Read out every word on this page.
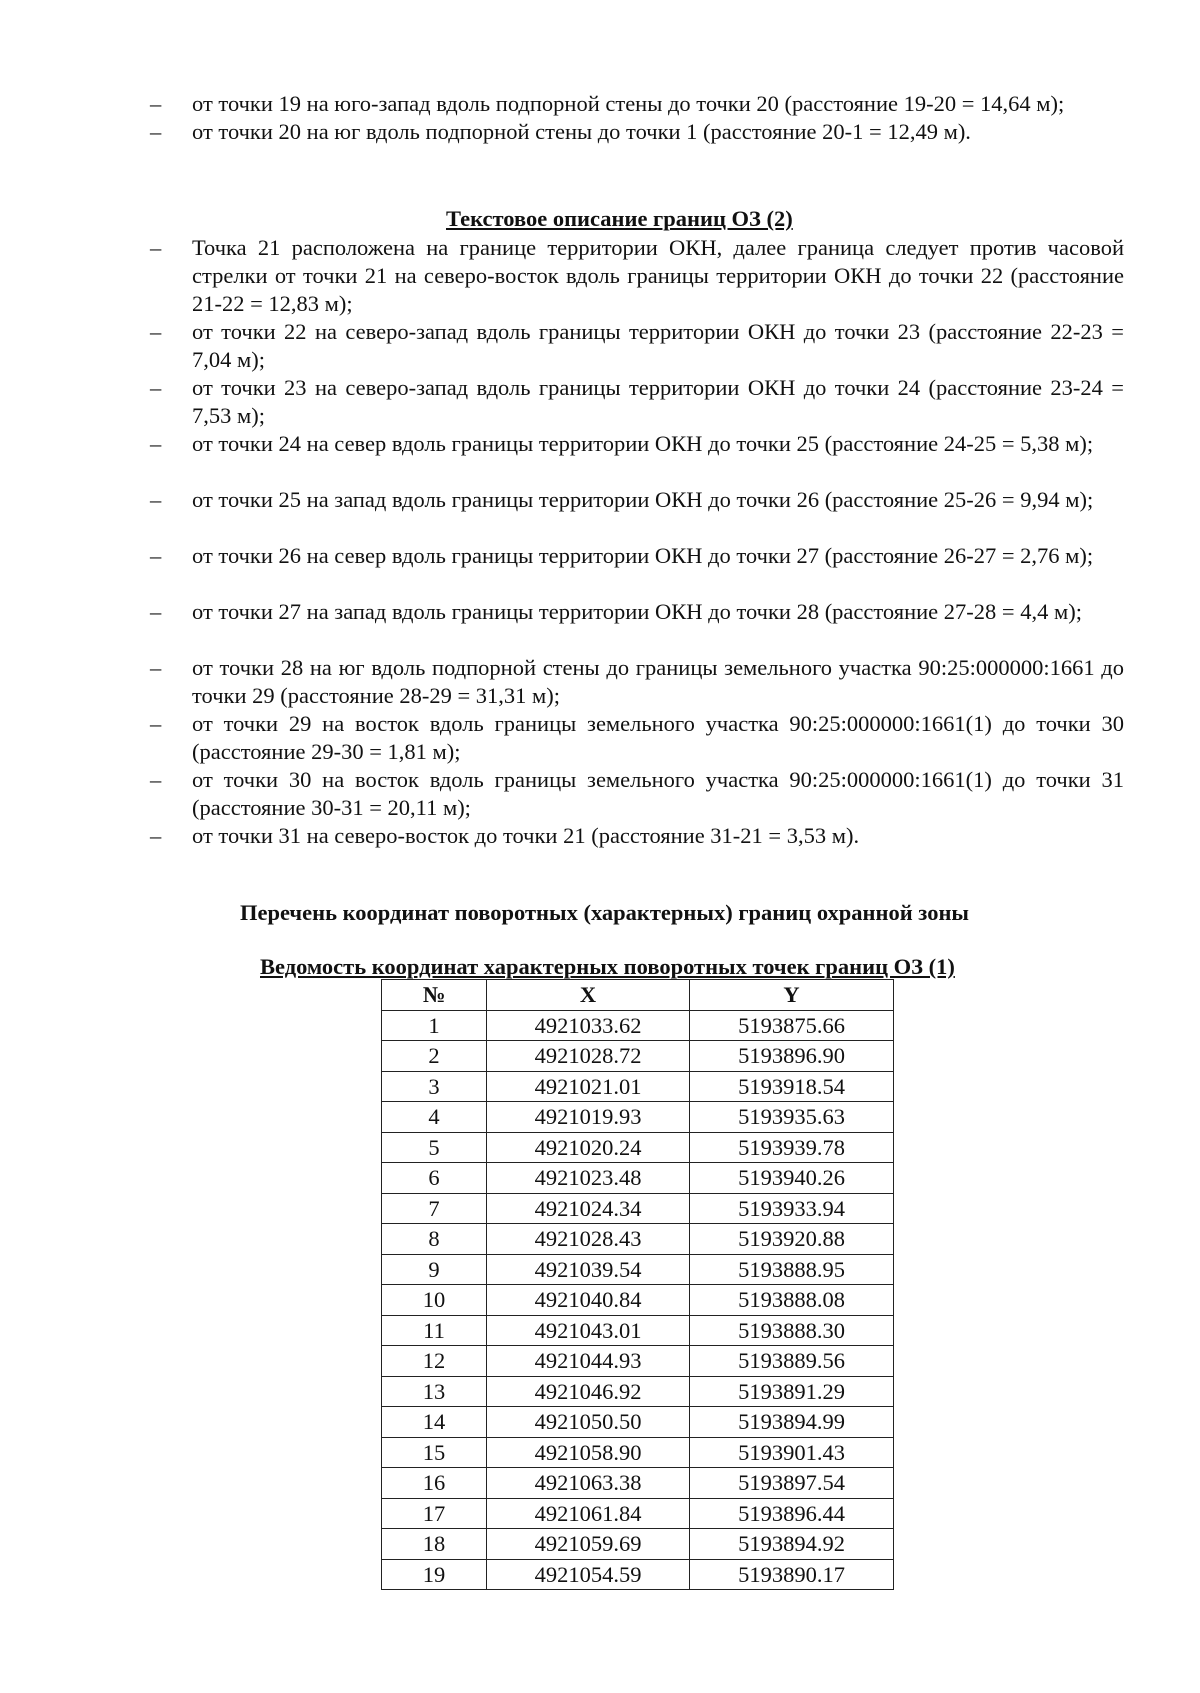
–	от точки 19 на юго-запад вдоль подпорной стены до точки 20 (расстояние 19-20 = 14,64 м);
–	от точки 20 на юг вдоль подпорной стены до точки 1 (расстояние 20-1 = 12,49 м).
Текстовое описание границ ОЗ (2)
–	Точка 21 расположена на границе территории ОКН, далее граница следует против часовой стрелки от точки 21 на северо-восток вдоль границы территории ОКН до точки 22 (расстояние 21-22 = 12,83 м);
–	от точки 22 на северо-запад вдоль границы территории ОКН до точки 23 (расстояние 22-23 = 7,04 м);
–	от точки 23 на северо-запад вдоль границы территории ОКН до точки 24 (расстояние 23-24 = 7,53 м);
–	от точки 24 на север вдоль границы территории ОКН до точки 25 (расстояние 24-25 = 5,38 м);
–	от точки 25 на запад вдоль границы территории ОКН до точки 26 (расстояние 25-26 = 9,94 м);
–	от точки 26 на север вдоль границы территории ОКН до точки 27 (расстояние 26-27 = 2,76 м);
–	от точки 27 на запад вдоль границы территории ОКН до точки 28 (расстояние 27-28 = 4,4 м);
–	от точки 28 на юг вдоль подпорной стены до границы земельного участка 90:25:000000:1661 до точки 29 (расстояние 28-29 = 31,31 м);
–	от точки 29 на восток вдоль границы земельного участка 90:25:000000:1661(1) до точки 30 (расстояние 29-30 = 1,81 м);
–	от точки 30 на восток вдоль границы земельного участка 90:25:000000:1661(1) до точки 31 (расстояние 30-31 = 20,11 м);
–	от точки 31 на северо-восток до точки 21 (расстояние 31-21 = 3,53 м).
Перечень координат поворотных (характерных) границ охранной зоны
Ведомость координат характерных поворотных точек границ ОЗ (1)
№	X	Y
1	4921033.62	5193875.66
2	4921028.72	5193896.90
3	4921021.01	5193918.54
4	4921019.93	5193935.63
5	4921020.24	5193939.78
6	4921023.48	5193940.26
7	4921024.34	5193933.94
8	4921028.43	5193920.88
9	4921039.54	5193888.95
10	4921040.84	5193888.08
11	4921043.01	5193888.30
12	4921044.93	5193889.56
13	4921046.92	5193891.29
14	4921050.50	5193894.99
15	4921058.90	5193901.43
16	4921063.38	5193897.54
17	4921061.84	5193896.44
18	4921059.69	5193894.92
19	4921054.59	5193890.17
